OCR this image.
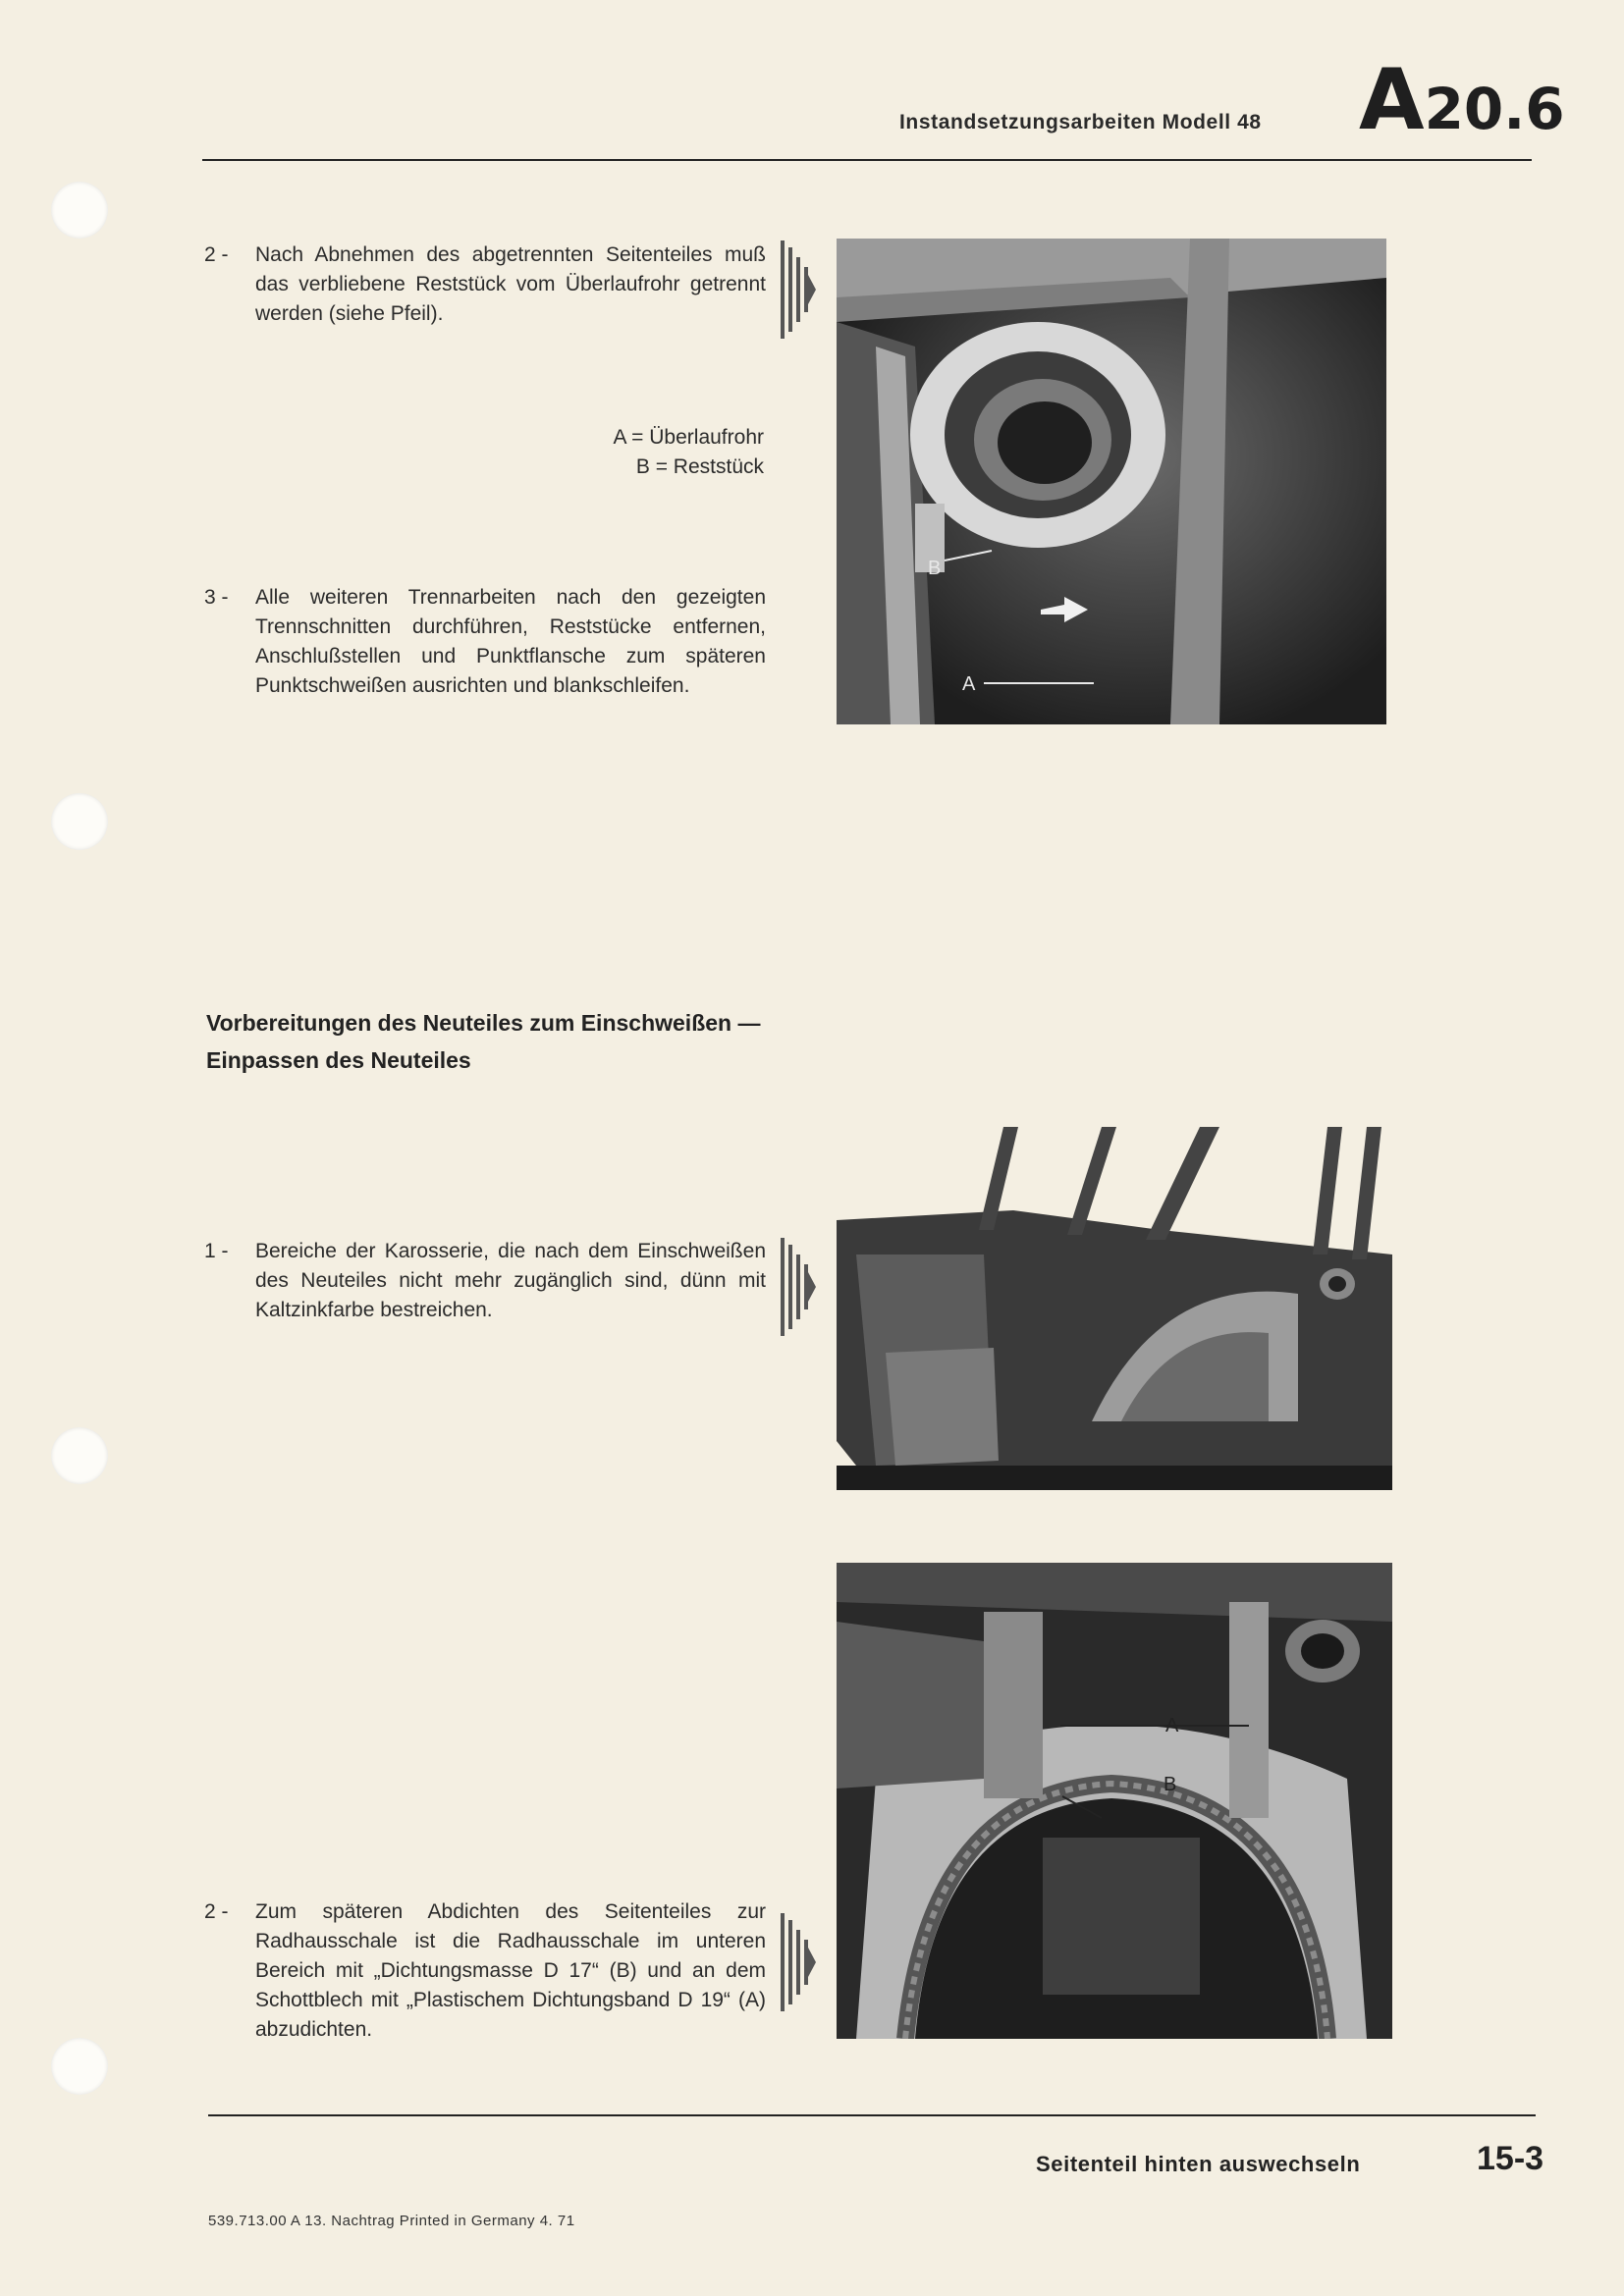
Instandsetzungsarbeiten Modell 48 A20.6
2 - Nach Abnehmen des abgetrennten Seitenteiles muß das verbliebene Reststück vom Überlaufrohr getrennt werden (siehe Pfeil).
A = Überlaufrohr
B = Reststück
3 - Alle weiteren Trennarbeiten nach den gezeigten Trennschnitten durchführen, Reststücke entfernen, Anschlußstellen und Punktflansche zum späteren Punktschweißen ausrichten und blankschleifen.
B
A
Vorbereitungen des Neuteiles zum Einschweißen — Einpassen des Neuteiles
1 - Bereiche der Karosserie, die nach dem Einschweißen des Neuteiles nicht mehr zugänglich sind, dünn mit Kaltzinkfarbe bestreichen.
2 - Zum späteren Abdichten des Seitenteiles zur Radhausschale ist die Radhausschale im unteren Bereich mit „Dichtungsmasse D 17“ (B) und an dem Schottblech mit „Plastischem Dichtungsband D 19“ (A) abzudichten.
A
B
Seitenteil hinten auswechseln	15-3
539.713.00 A 13. Nachtrag Printed in Germany 4. 71
